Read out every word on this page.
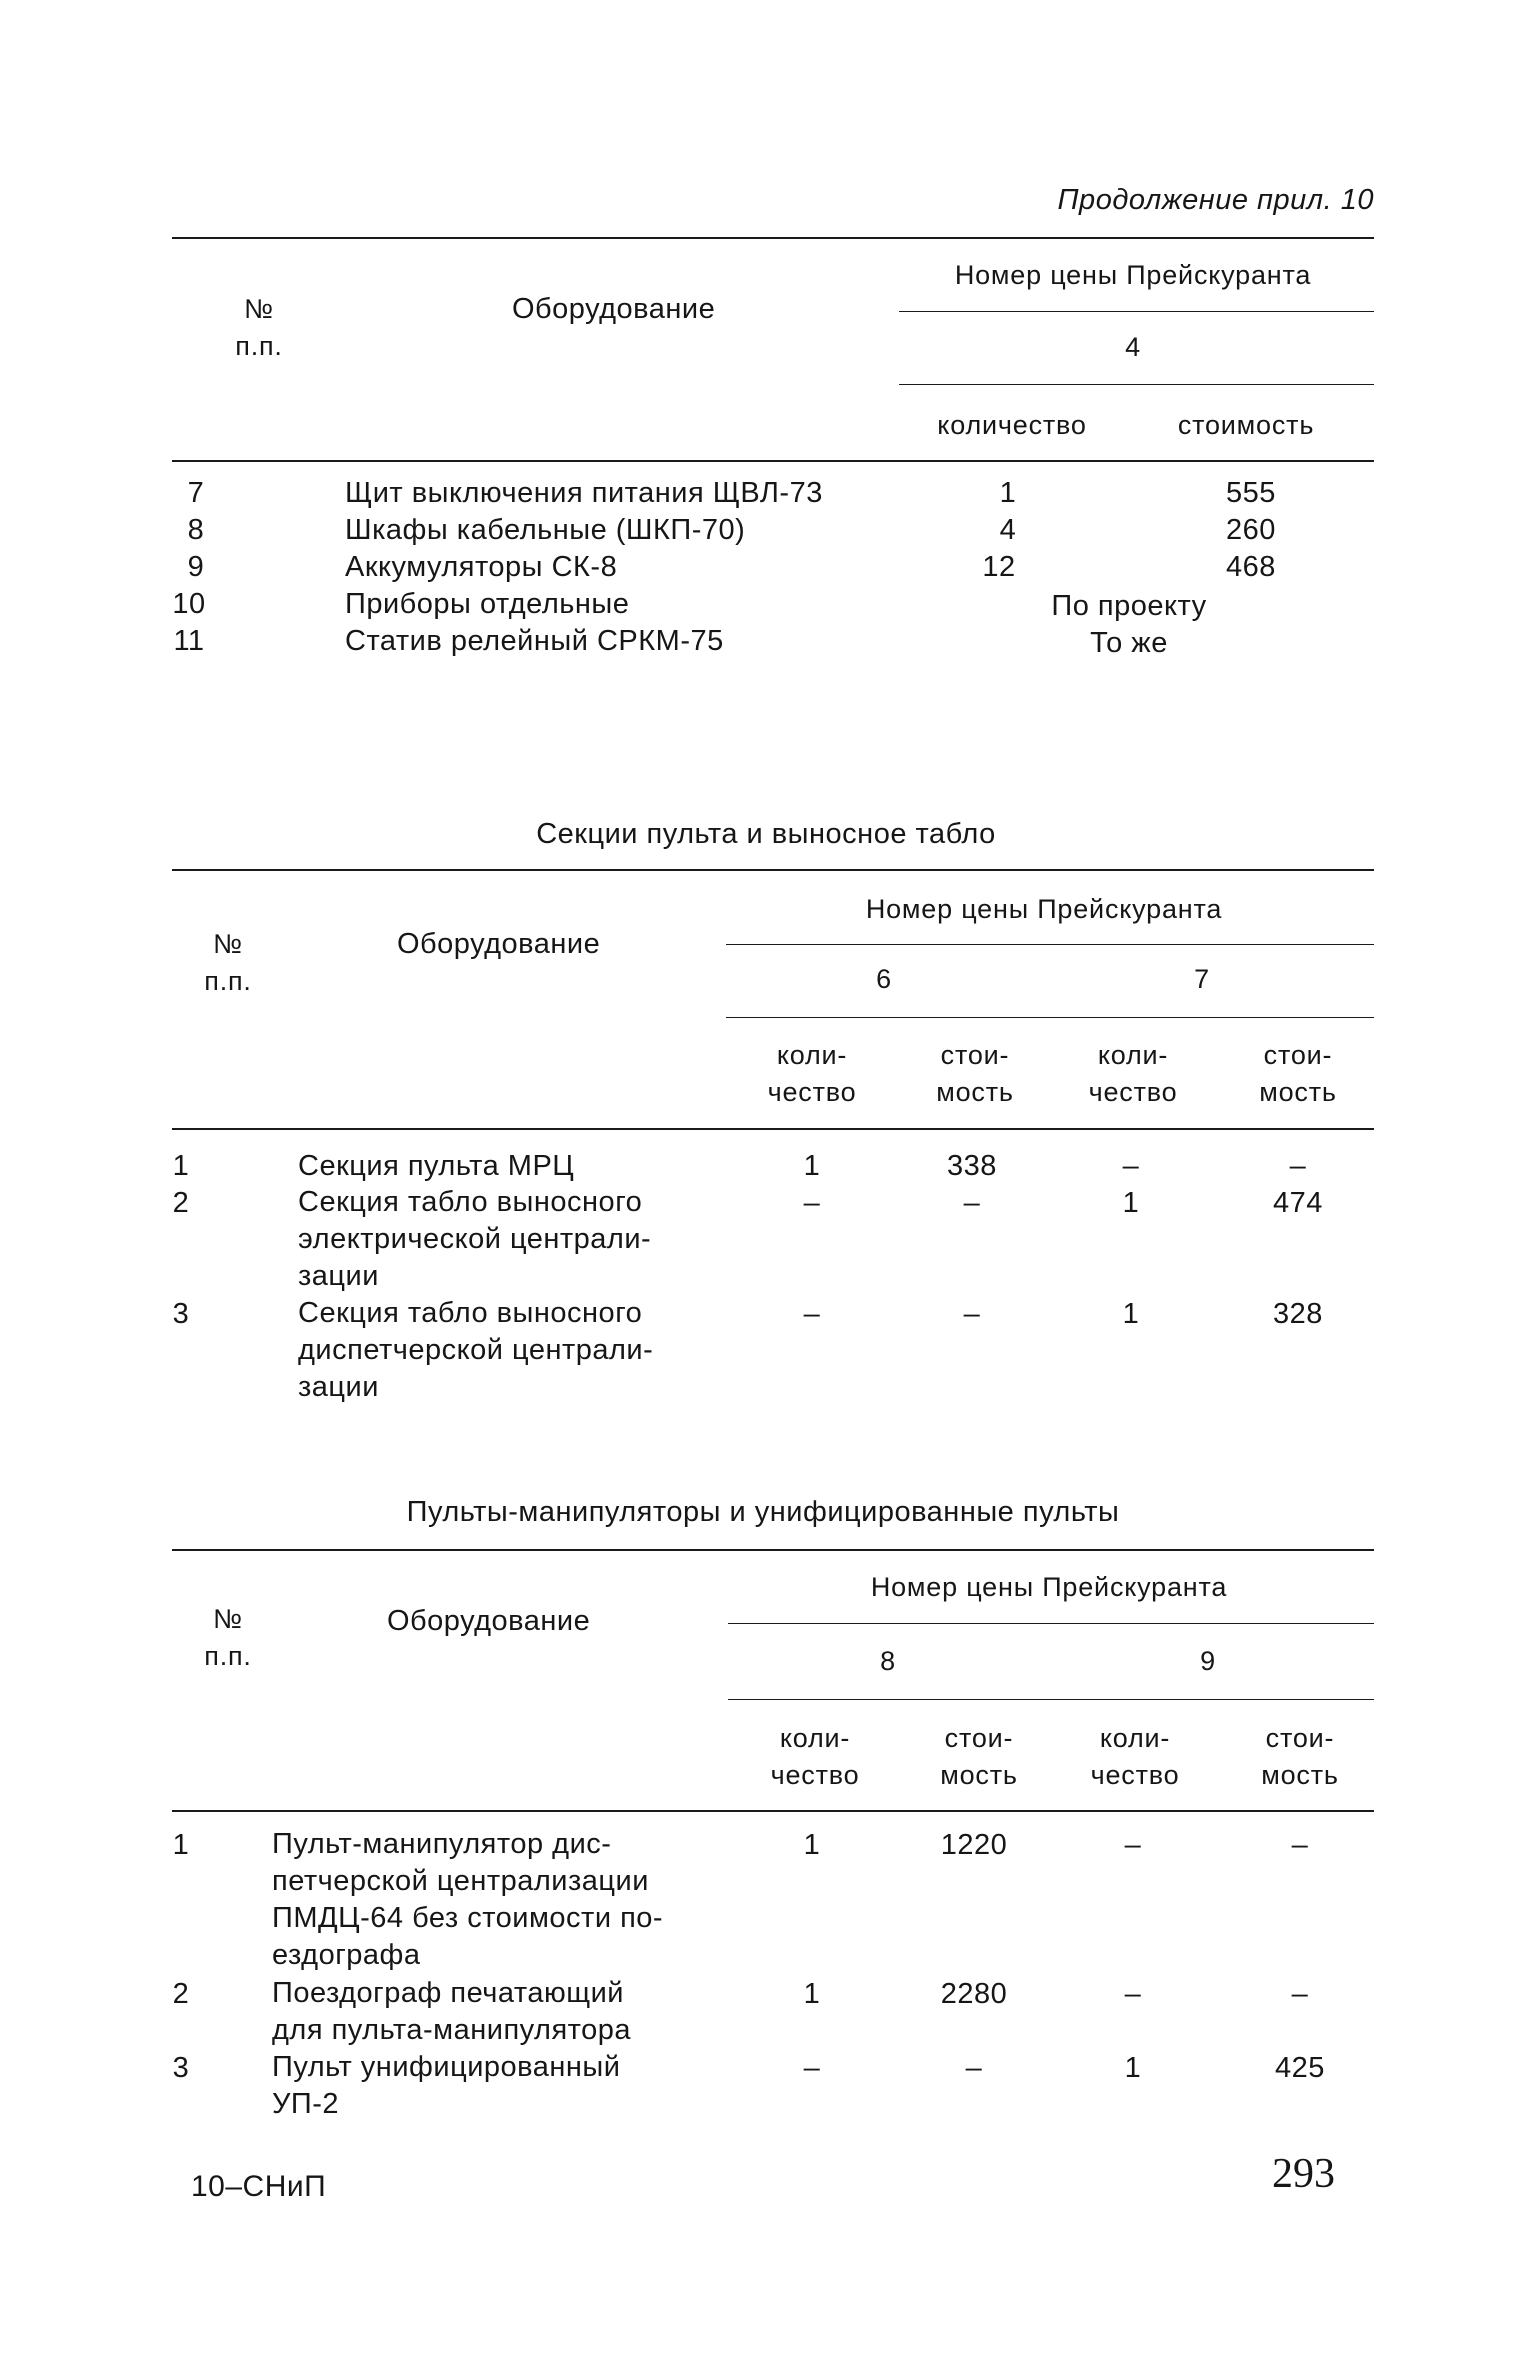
Продолжение прил. 10
№
п.п.
Оборудование
Номер цены Прейскуранта
4
количество	стоимость
7	Щит выключения питания ЩВЛ-73	1	555
8	Шкафы кабельные (ШКП-70)	4	260
9	Аккумуляторы СК-8	12	468
10	Приборы отдельные	По проекту
11	Статив релейный СРКМ-75	То же
Секции пульта и выносное табло
№
п.п.
Оборудование
Номер цены Прейскуранта
6	7
коли-
чество
стои-
мость
коли-
чество
стои-
мость
1	Секция пульта МРЦ	1	338	–	–
2	Секция табло выносного
электрической централи-
зации
–	–	1	474
3	Секция табло выносного
диспетчерской централи-
зации
–	–	1	328
Пульты-манипуляторы и унифицированные пульты
№
п.п.
Оборудование
Номер цены Прейскуранта
8	9
коли-
чество
стои-
мость
коли-
чество
стои-
мость
1	Пульт-манипулятор дис-
петчерской централизации
ПМДЦ-64 без стоимости по-
ездографа
1	1220	–	–
2	Поездограф печатающий
для пульта-манипулятора
1	2280	–	–
3	Пульт унифицированный
УП-2
–	–	1	425
10–СНиП	293
